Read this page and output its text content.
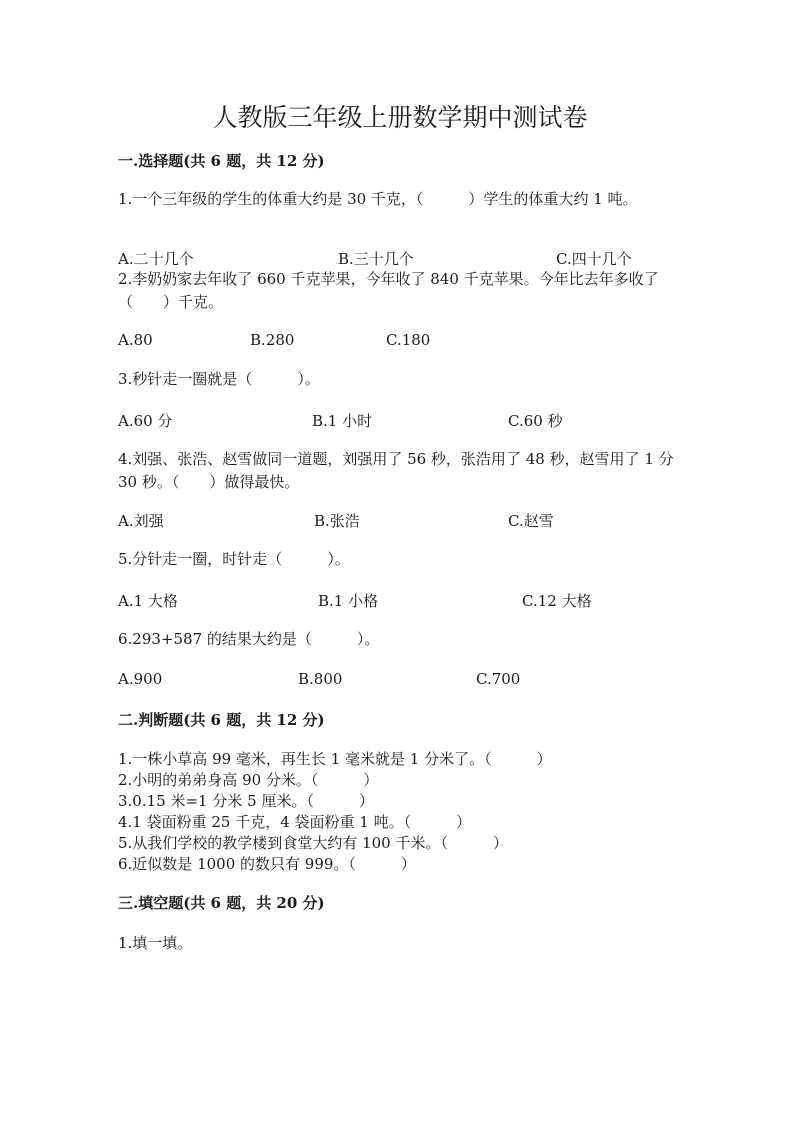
人教版三年级上册数学期中测试卷
一.选择题(共 6 题，共 12 分)
1.一个三年级的学生的体重大约是 30 千克，（　　　）学生的体重大约 1 吨。
A.二十几个	B.三十几个	C.四十几个
2.李奶奶家去年收了 660 千克苹果，今年收了 840 千克苹果。今年比去年多收了（　　）千克。
A.80	B.280	C.180
3.秒针走一圈就是（　　　）。
A.60 分	B.1 小时	C.60 秒
4.刘强、张浩、赵雪做同一道题，刘强用了 56 秒，张浩用了 48 秒，赵雪用了 1 分 30 秒。（　　）做得最快。
A.刘强	B.张浩	C.赵雪
5.分针走一圈，时针走（　　　）。
A.1 大格	B.1 小格	C.12 大格
6.293+587 的结果大约是（　　　）。
A.900	B.800	C.700
二.判断题(共 6 题，共 12 分)
1.一株小草高 99 毫米，再生长 1 毫米就是 1 分米了。（　　　）
2.小明的弟弟身高 90 分米。（　　　）
3.0.15 米=1 分米 5 厘米。（　　　）
4.1 袋面粉重 25 千克，4 袋面粉重 1 吨。（　　　）
5.从我们学校的教学楼到食堂大约有 100 千米。（　　　）
6.近似数是 1000 的数只有 999。（　　　）
三.填空题(共 6 题，共 20 分)
1.填一填。
